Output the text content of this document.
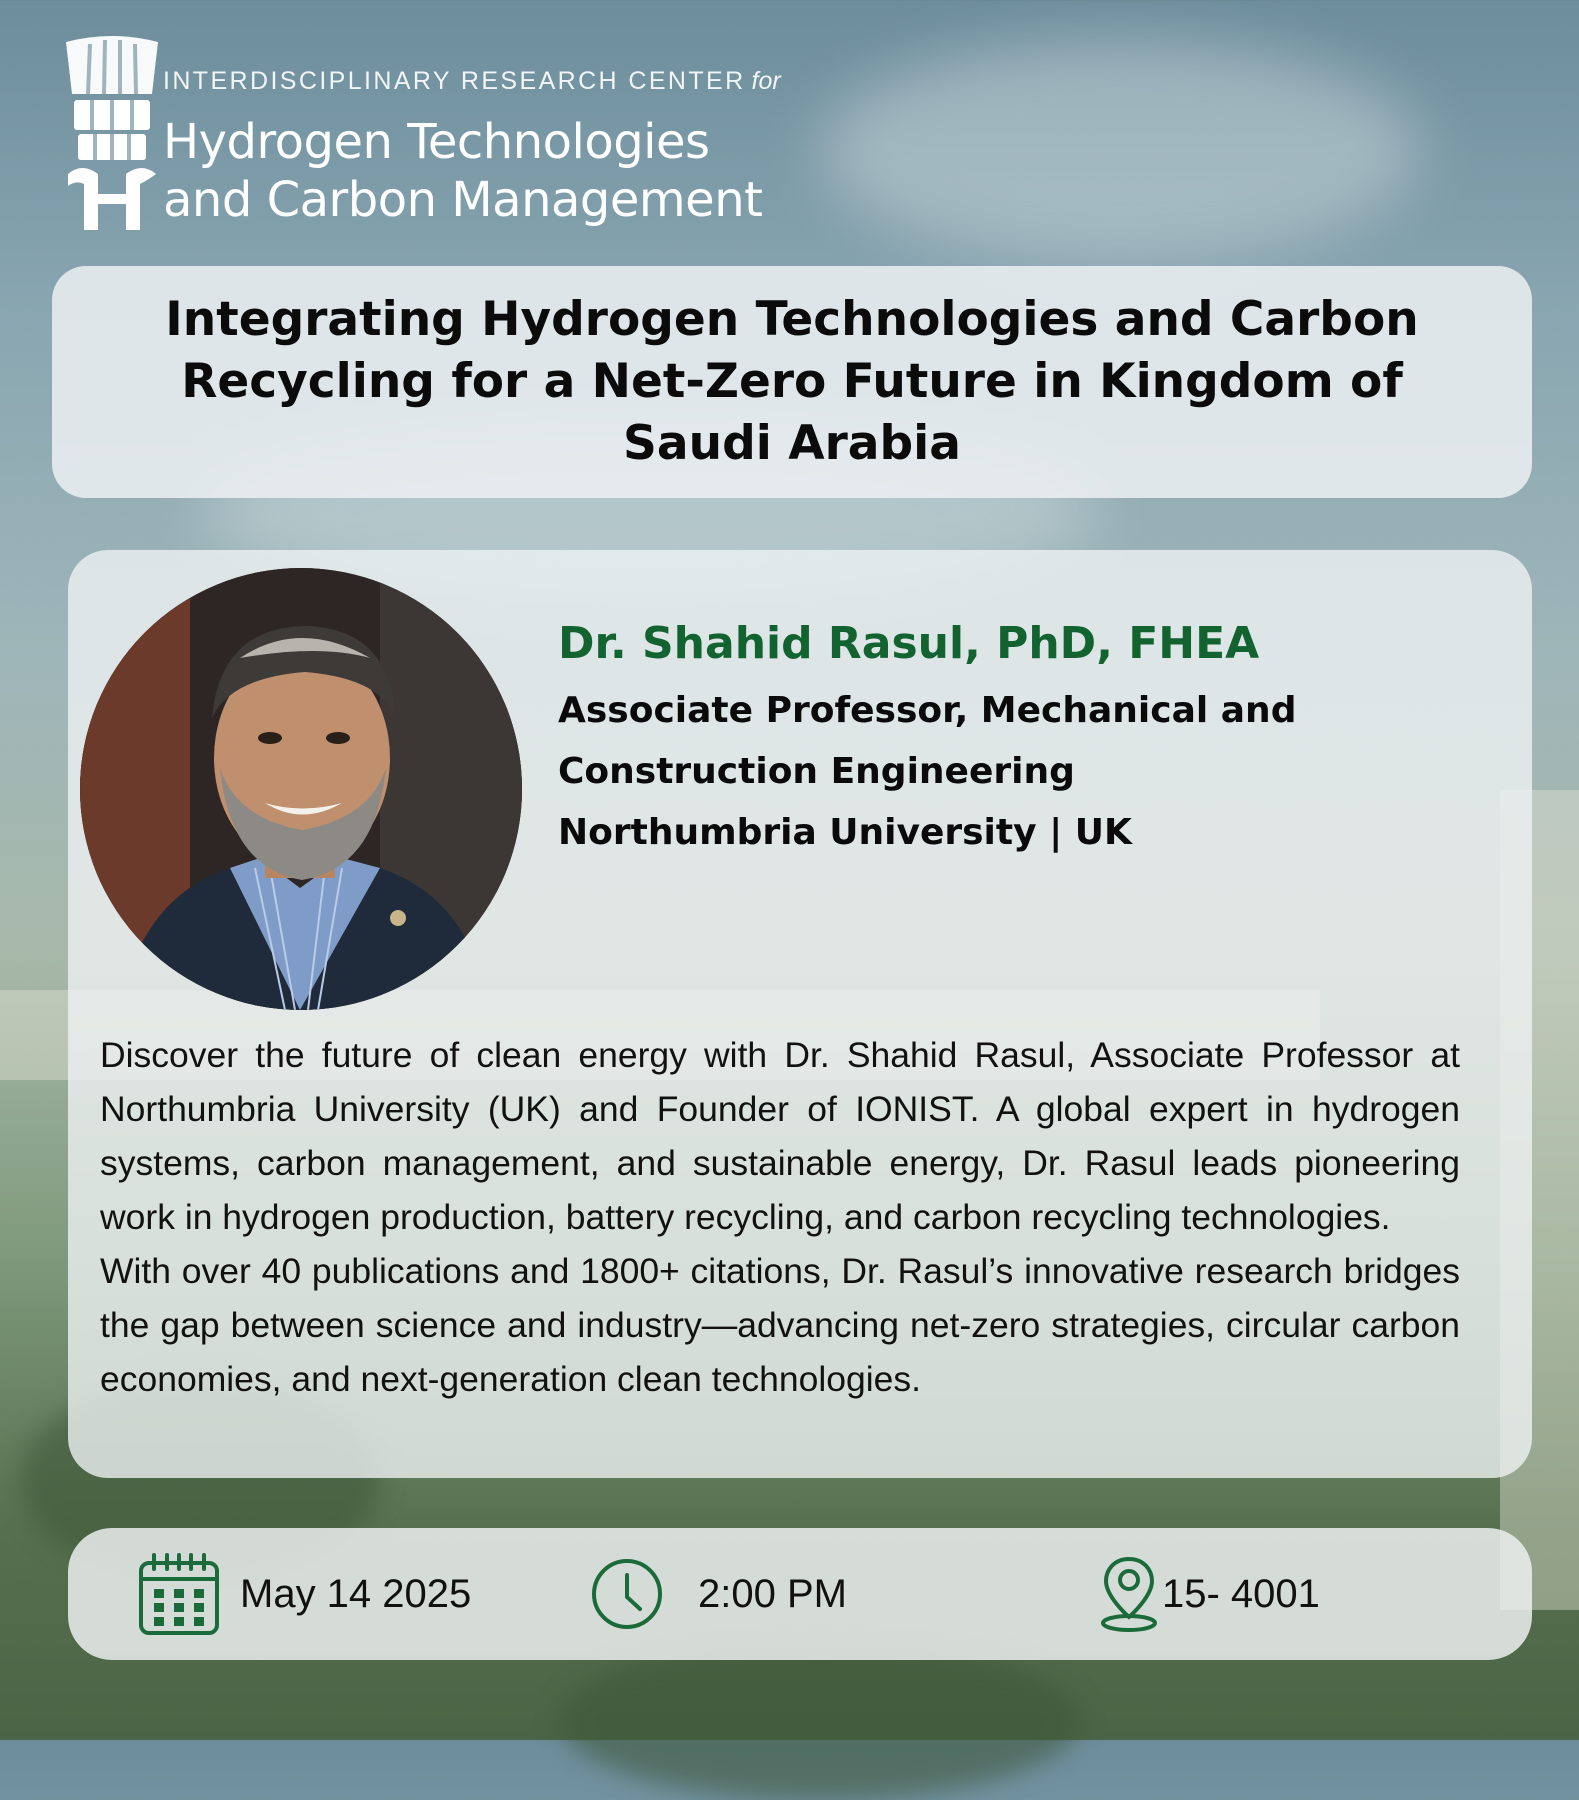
INTERDISCIPLINARY RESEARCH CENTER for
Hydrogen Technologies
and Carbon Management
Integrating Hydrogen Technologies and Carbon Recycling for a Net-Zero Future in Kingdom of Saudi Arabia
Dr. Shahid Rasul, PhD, FHEA
Associate Professor, Mechanical and
Construction Engineering
Northumbria University | UK

Discover the future of clean energy with Dr. Shahid Rasul, Associate Professor at Northumbria University (UK) and Founder of IONIST. A global expert in hydrogen systems, carbon management, and sustainable energy, Dr. Rasul leads pioneering work in hydrogen production, battery recycling, and carbon recycling technologies.

With over 40 publications and 1800+ citations, Dr. Rasul’s innovative research bridges the gap between science and industry—advancing net-zero strategies, circular carbon economies, and next-generation clean technologies.

May 14 2025	2:00 PM	15- 4001
